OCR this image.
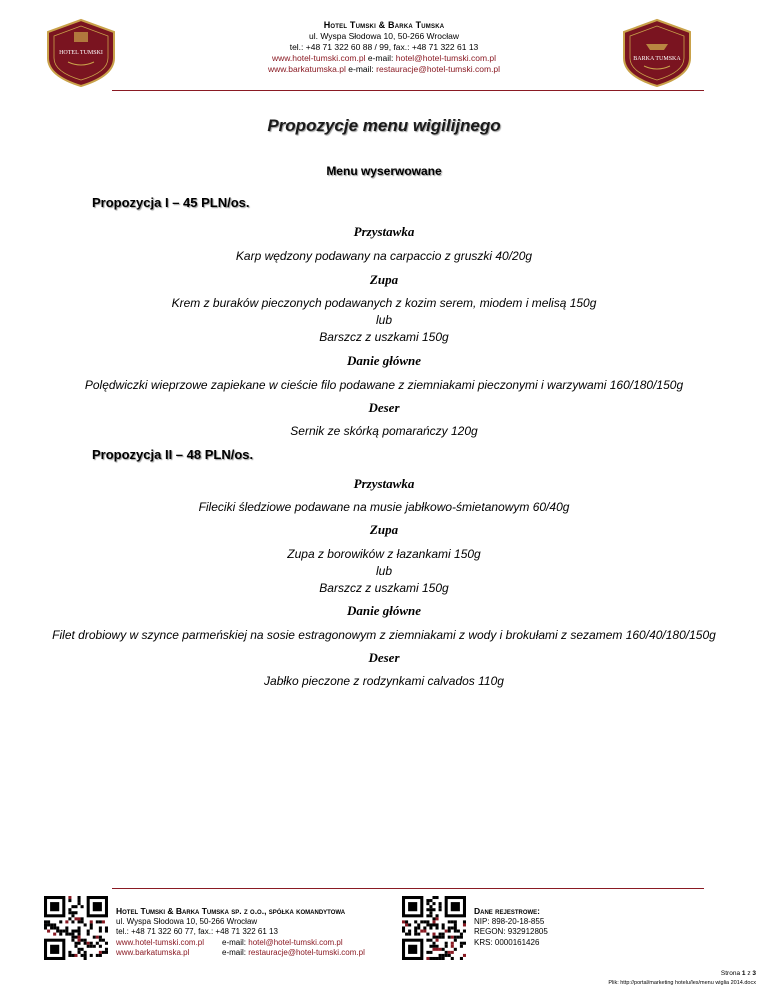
HOTEL TUMSKI
BARKA TUMSKA
Hotel Tumski & Barka Tumska
ul. Wyspa Słodowa 10, 50-266 Wrocław
tel.: +48 71 322 60 88 / 99, fax.: +48 71 322 61 13
www.hotel-tumski.com.pl e-mail: hotel@hotel-tumski.com.pl
www.barkatumska.pl e-mail: restauracje@hotel-tumski.com.pl
Propozycje menu wigilijnego
Menu wyserwowane
Propozycja I – 45 PLN/os.
Przystawka
Karp wędzony podawany na carpaccio z gruszki 40/20g
Zupa
Krem z buraków pieczonych podawanych z kozim serem, miodem i melisą 150g
lub
Barszcz z uszkami 150g
Danie główne
Polędwiczki wieprzowe zapiekane w cieście filo podawane z ziemniakami pieczonymi i warzywami 160/180/150g
Deser
Sernik ze skórką pomarańczy 120g
Propozycja II – 48 PLN/os.
Przystawka
Fileciki śledziowe podawane na musie jabłkowo-śmietanowym 60/40g
Zupa
Zupa z borowików z łazankami 150g
lub
Barszcz z uszkami 150g
Danie główne
Filet drobiowy w szynce parmeńskiej na sosie estragonowym z ziemniakami z wody i brokułami z sezamem 160/40/180/150g
Deser
Jabłko pieczone z rodzynkami calvados 110g
Hotel Tumski & Barka Tumska sp. z o.o., spółka komandytowa
ul. Wyspa Słodowa 10, 50-266 Wrocław
tel.: +48 71 322 60 77, fax.: +48 71 322 61 13
www.hotel-tumski.com.pl e-mail: hotel@hotel-tumski.com.pl
www.barkatumska.pl	e-mail: restauracje@hotel-tumski.com.pl
Dane rejestrowe:
NIP: 898-20-18-855
REGON: 932912805
KRS: 0000161426
Strona 1 z 3
Plik: http://portal/marketing hotelu/les/menu wiglia 2014.docx
